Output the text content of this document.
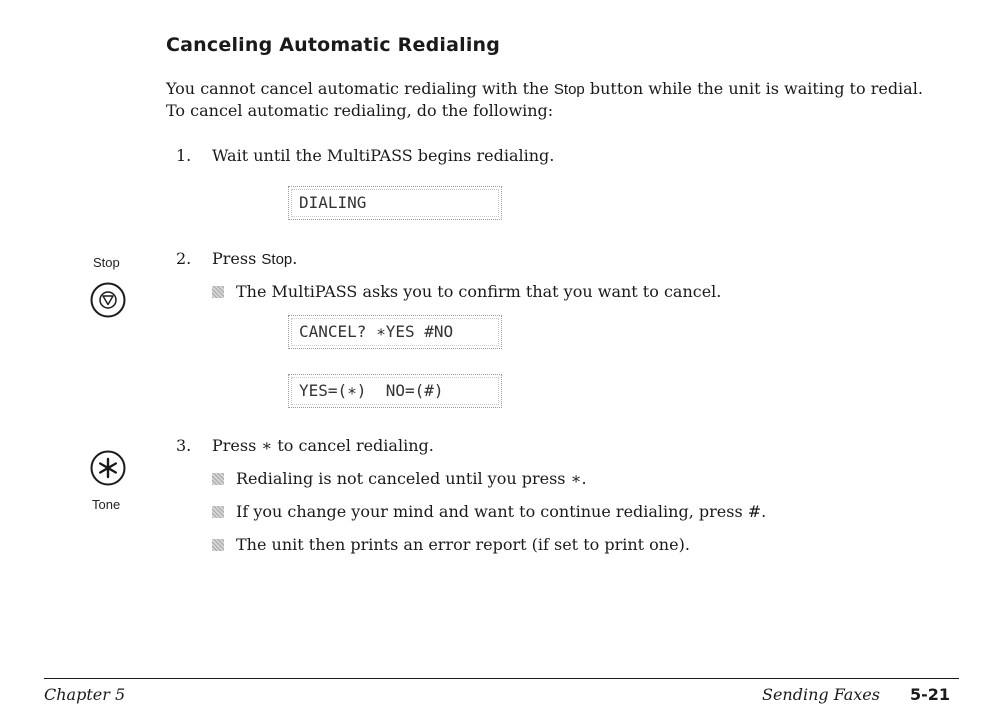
Canceling Automatic Redialing

You cannot cancel automatic redialing with the Stop button while the unit is waiting to redial.

To cancel automatic redialing, do the following:

1. Wait until the MultiPASS begins redialing.
DIALING
Stop	2. Press Stop.
The MultiPASS asks you to confirm that you want to cancel.
CANCEL? ∗YES #NO
YES=(∗)  NO=(#)
Tone
3. Press ∗ to cancel redialing.
Redialing is not canceled until you press ∗.
If you change your mind and want to continue redialing, press #.
The unit then prints an error report (if set to print one).
Chapter 5	Sending Faxes 5-21
